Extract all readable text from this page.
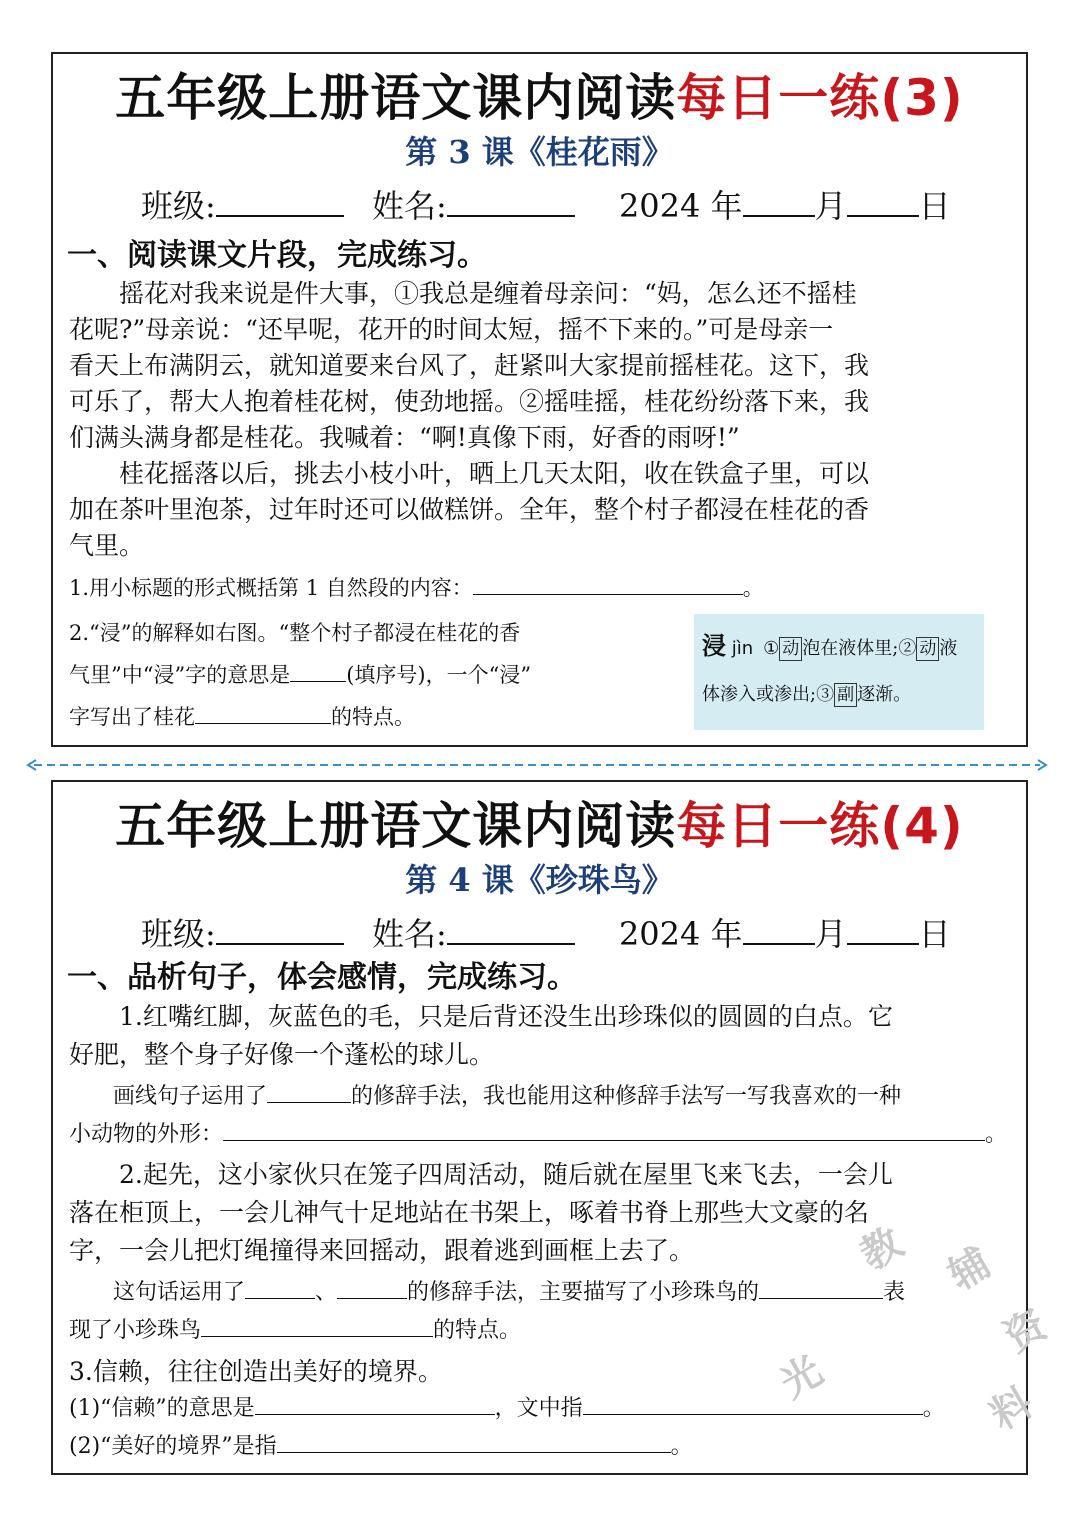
五年级上册语文课内阅读每日一练(3)
第 3 课《桂花雨》
班级:	姓名:	2024 年 月 日
一、阅读课文片段，完成练习。
摇花对我来说是件大事，①我总是缠着母亲问：“妈，怎么还不摇桂
花呢?”母亲说：“还早呢，花开的时间太短，摇不下来的。”可是母亲一
看天上布满阴云，就知道要来台风了，赶紧叫大家提前摇桂花。这下，我
可乐了，帮大人抱着桂花树，使劲地摇。②摇哇摇，桂花纷纷落下来，我
们满头满身都是桂花。我喊着：“啊!真像下雨，好香的雨呀!”
桂花摇落以后，挑去小枝小叶，晒上几天太阳，收在铁盒子里，可以
加在茶叶里泡茶，过年时还可以做糕饼。全年，整个村子都浸在桂花的香
气里。
1.用小标题的形式概括第 1 自然段的内容：	。
2.“浸”的解释如右图。“整个村子都浸在桂花的香
气里”中“浸”字的意思是	(填序号)，一个“浸”
字写出了桂花	的特点。
浸 jìn ① 动 泡在液体里;② 动 液
体渗入或渗出;③ 副 逐渐。
五年级上册语文课内阅读每日一练(4)
第 4 课《珍珠鸟》
班级:	姓名:	2024 年 月 日
一、品析句子，体会感情，完成练习。
1.红嘴红脚，灰蓝色的毛，只是后背还没生出珍珠似的圆圆的白点。它
好肥，整个身子好像一个蓬松的球儿。
画线句子运用了	的修辞手法，我也能用这种修辞手法写一写我喜欢的一种
小动物的外形：	。
2.起先，这小家伙只在笼子四周活动，随后就在屋里飞来飞去，一会儿
落在柜顶上，一会儿神气十足地站在书架上，啄着书脊上那些大文豪的名
字，一会儿把灯绳撞得来回摇动，跟着逃到画框上去了。
这句话运用了	、	的修辞手法，主要描写了小珍珠鸟的	表
现了小珍珠鸟	的特点。
3.信赖，往往创造出美好的境界。
(1)“信赖”的意思是	，文中指	。
(2)“美好的境界”是指	。
教 辅
资
料
光
